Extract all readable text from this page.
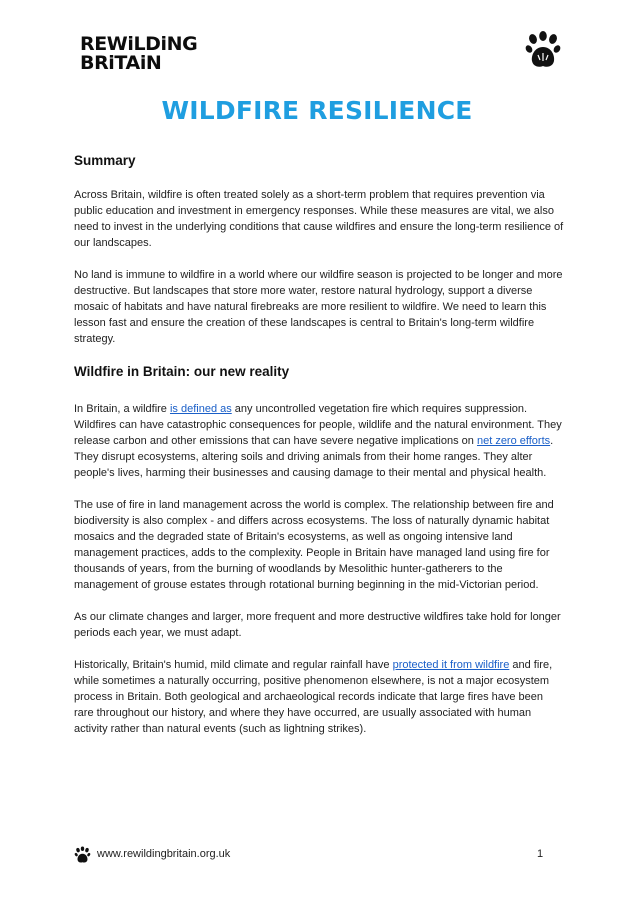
REWiLDiNG
BRiTAiN
WILDFIRE RESILIENCE
Summary

Across Britain, wildfire is often treated solely as a short-term problem that requires prevention via public education and investment in emergency responses. While these measures are vital, we also need to invest in the underlying conditions that cause wildfires and ensure the long-term resilience of our landscapes.

No land is immune to wildfire in a world where our wildfire season is projected to be longer and more destructive. But landscapes that store more water, restore natural hydrology, support a diverse mosaic of habitats and have natural firebreaks are more resilient to wildfire. We need to learn this lesson fast and ensure the creation of these landscapes is central to Britain's long-term wildfire strategy.

Wildfire in Britain: our new reality

In Britain, a wildfire is defined as any uncontrolled vegetation fire which requires suppression. Wildfires can have catastrophic consequences for people, wildlife and the natural environment. They release carbon and other emissions that can have severe negative implications on net zero efforts. They disrupt ecosystems, altering soils and driving animals from their home ranges. They alter people's lives, harming their businesses and causing damage to their mental and physical health.

The use of fire in land management across the world is complex. The relationship between fire and biodiversity is also complex - and differs across ecosystems. The loss of naturally dynamic habitat mosaics and the degraded state of Britain's ecosystems, as well as ongoing intensive land management practices, adds to the complexity. People in Britain have managed land using fire for thousands of years, from the burning of woodlands by Mesolithic hunter-gatherers to the management of grouse estates through rotational burning beginning in the mid-Victorian period.

As our climate changes and larger, more frequent and more destructive wildfires take hold for longer periods each year, we must adapt.

Historically, Britain's humid, mild climate and regular rainfall have protected it from wildfire and fire, while sometimes a naturally occurring, positive phenomenon elsewhere, is not a major ecosystem process in Britain. Both geological and archaeological records indicate that large fires have been rare throughout our history, and where they have occurred, are usually associated with human activity rather than natural events (such as lightning strikes).

www.rewildingbritain.org.uk	1
